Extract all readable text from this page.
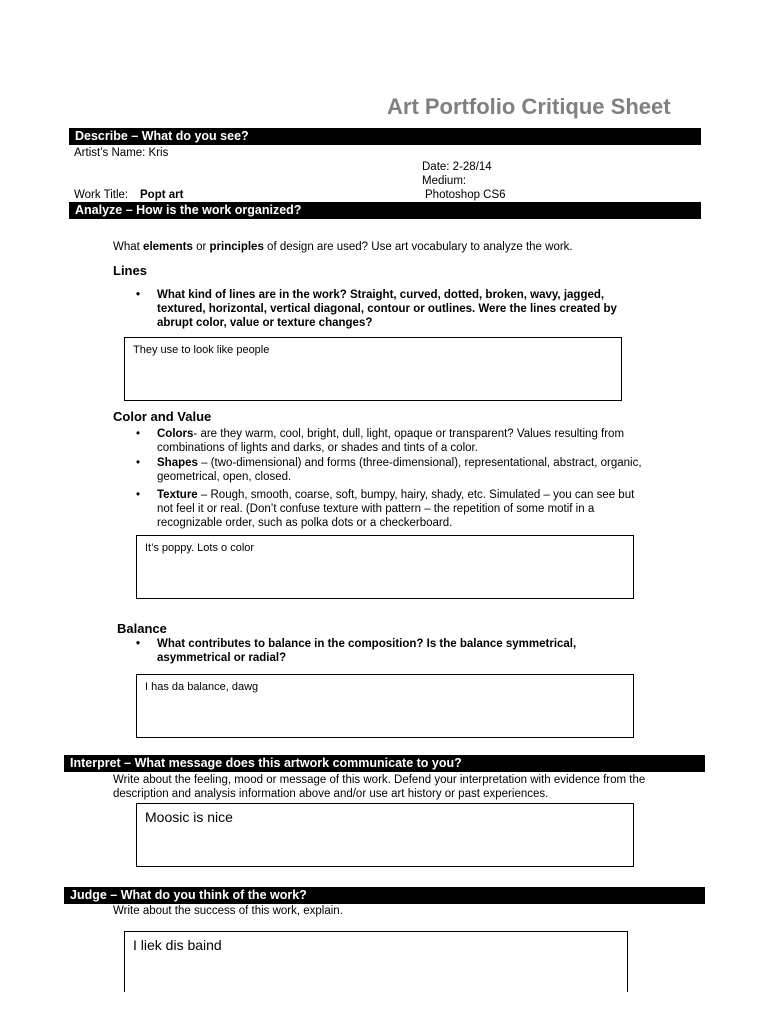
Art Portfolio Critique Sheet
Describe – What do you see?
Artist’s Name: Kris
Date: 2-28/14
Medium:
Work Title: Popt art	Photoshop CS6
Analyze – How is the work organized?
What elements or principles of design are used? Use art vocabulary to analyze the work.
Lines
• What kind of lines are in the work? Straight, curved, dotted, broken, wavy, jagged, textured, horizontal, vertical diagonal, contour or outlines. Were the lines created by abrupt color, value or texture changes?
They use to look like people
Color and Value
• Colors- are they warm, cool, bright, dull, light, opaque or transparent? Values resulting from combinations of lights and darks, or shades and tints of a color.
• Shapes – (two-dimensional) and forms (three-dimensional), representational, abstract, organic, geometrical, open, closed.
• Texture – Rough, smooth, coarse, soft, bumpy, hairy, shady, etc. Simulated – you can see but not feel it or real. (Don’t confuse texture with pattern – the repetition of some motif in a recognizable order, such as polka dots or a checkerboard.
It’s poppy. Lots o color
Balance
• What contributes to balance in the composition? Is the balance symmetrical, asymmetrical or radial?
I has da balance, dawg
Interpret – What message does this artwork communicate to you?
Write about the feeling, mood or message of this work. Defend your interpretation with evidence from the description and analysis information above and/or use art history or past experiences.
Moosic is nice
Judge – What do you think of the work?
Write about the success of this work, explain.
I liek dis baind
